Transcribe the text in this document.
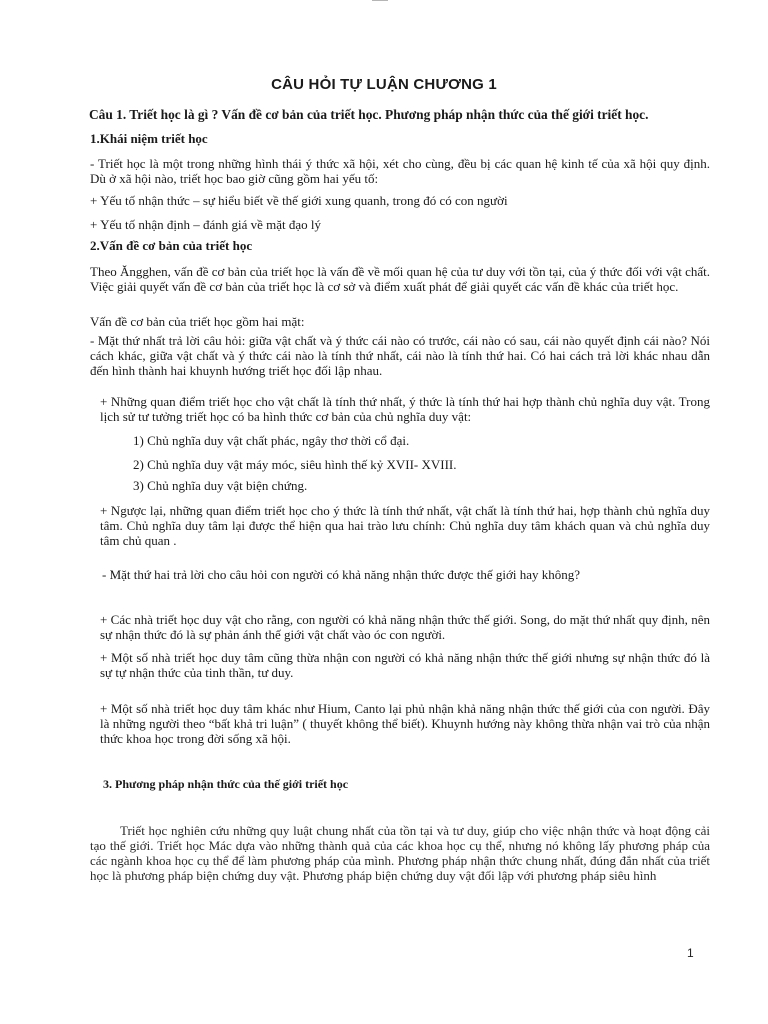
CÂU HỎI TỰ LUẬN CHƯƠNG 1
Câu 1. Triết học là gì ? Vấn đề cơ bản của triết học. Phương pháp nhận thức của thế giới triết học.
1.Khái niệm triết học
- Triết học là một trong những hình thái ý thức xã hội, xét cho cùng, đều bị các quan hệ kinh tế của xã hội quy định. Dù ở xã hội nào, triết học bao giờ cũng gồm hai yếu tố:
+ Yếu tố nhận thức – sự hiểu biết về thế giới xung quanh, trong đó có con người
+ Yếu tố nhận định – đánh giá về mặt đạo lý
2.Vấn đề cơ bản của triết học
Theo Ăngghen, vấn đề cơ bản của triết học là vấn đề về mối quan hệ của tư duy với tồn tại, của ý thức đối với vật chất. Việc giải quyết vấn đề cơ bản của triết học là cơ sở và điểm xuất phát để giải quyết các vấn đề khác của triết học.
Vấn đề cơ bản của triết học gồm hai mặt:
- Mặt thứ nhất trả lời câu hỏi: giữa vật chất và ý thức cái nào có trước, cái nào có sau, cái nào quyết định cái nào? Nói cách khác, giữa vật chất và ý thức cái nào là tính thứ nhất, cái nào là tính thứ hai. Có hai cách trả lời khác nhau dẫn đến hình thành hai khuynh hướng triết học đối lập nhau.
+ Những quan điểm triết học cho vật chất là tính thứ nhất, ý thức là tính thứ hai hợp thành chủ nghĩa duy vật. Trong lịch sử tư tưởng triết học có ba hình thức cơ bản của chủ nghĩa duy vật:
1) Chủ nghĩa duy vật chất phác, ngây thơ thời cổ đại.
2) Chủ nghĩa duy vật máy móc, siêu hình thế kỷ XVII- XVIII.
3) Chủ nghĩa duy vật biện chứng.
+ Ngược lại, những quan điểm triết học cho ý thức là tính thứ nhất, vật chất là tính thứ hai, hợp thành chủ nghĩa duy tâm. Chủ nghĩa duy tâm lại được thể hiện qua hai trào lưu chính: Chủ nghĩa duy tâm khách quan và chủ nghĩa duy tâm chủ quan .
- Mặt thứ hai trả lời cho câu hỏi con người có khả năng nhận thức được thế giới hay không?
+ Các nhà triết học duy vật cho rằng, con người có khả năng nhận thức thế giới. Song, do mặt thứ nhất quy định, nên sự nhận thức đó là sự phản ánh thế giới vật chất vào óc con người.
+ Một số nhà triết học duy tâm cũng thừa nhận con người có khả năng nhận thức thế giới nhưng sự nhận thức đó là sự tự nhận thức của tinh thần, tư duy.
+ Một số nhà triết học duy tâm khác như Hium, Canto lại phủ nhận khả năng nhận thức thế giới của con người. Đây là những người theo “bất khả tri luận” ( thuyết không thể biết). Khuynh hướng này không thừa nhận vai trò của nhận thức khoa học trong đời sống xã hội.
3. Phương pháp nhận thức của thế giới triết học
Triết học nghiên cứu những quy luật chung nhất của tồn tại và tư duy, giúp cho việc nhận thức và hoạt động cải tạo thế giới. Triết học Mác dựa vào những thành quả của các khoa học cụ thể, nhưng nó không lấy phương pháp của các ngành khoa học cụ thể để làm phương pháp của mình. Phương pháp nhận thức chung nhất, đúng đắn nhất của triết học là phương pháp biện chứng duy vật. Phương pháp biện chứng duy vật đối lập với phương pháp siêu hình
1
